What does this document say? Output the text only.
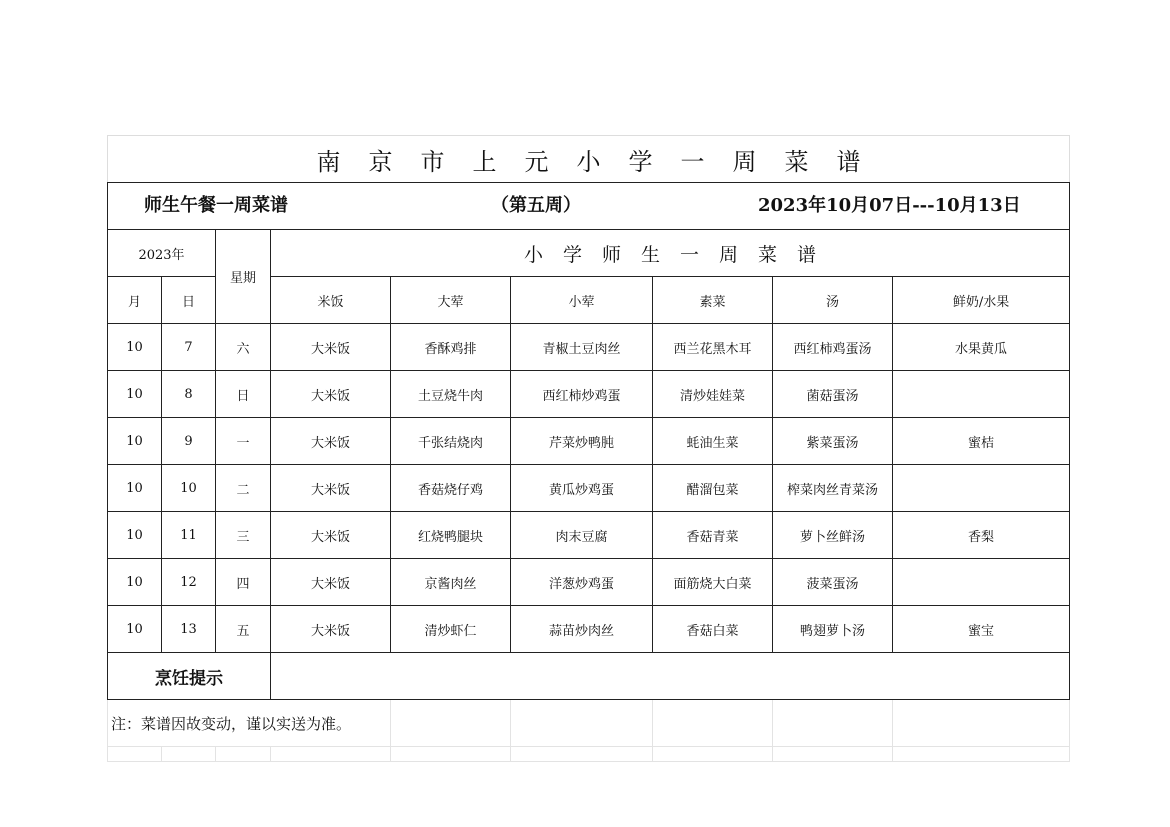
南京市上元小学一周菜谱								

师生午餐一周菜谱 （第五周） 2023年10月07日---10月13日								

2023年		星期	小学师生一周菜谱					
月	日		米饭	大荤	小荤	素菜	汤	鲜奶/水果
10	7	六	大米饭	香酥鸡排	青椒土豆肉丝	西兰花黑木耳	西红柿鸡蛋汤	水果黄瓜
10	8	日	大米饭	土豆烧牛肉	西红柿炒鸡蛋	清炒娃娃菜	菌菇蛋汤	
10	9	一	大米饭	千张结烧肉	芹菜炒鸭肫	蚝油生菜	紫菜蛋汤	蜜桔
10	10	二	大米饭	香菇烧仔鸡	黄瓜炒鸡蛋	醋溜包菜	榨菜肉丝青菜汤	
10	11	三	大米饭	红烧鸭腿块	肉末豆腐	香菇青菜	萝卜丝鲜汤	香梨
10	12	四	大米饭	京酱肉丝	洋葱炒鸡蛋	面筋烧大白菜	菠菜蛋汤	
10	13	五	大米饭	清炒虾仁	蒜苗炒肉丝	香菇白菜	鸭翅萝卜汤	蜜宝
烹饪提示								
注：菜谱因故变动，谨以实送为准。								
